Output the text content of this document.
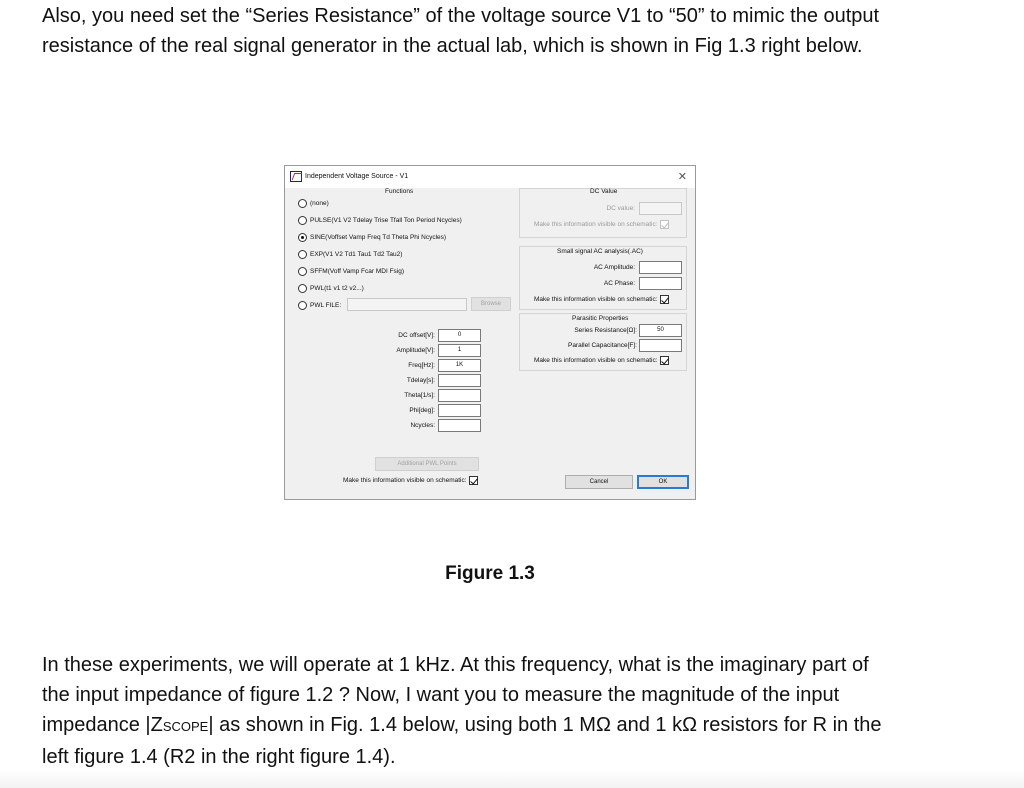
Also, you need set the “Series Resistance” of the voltage source V1 to “50” to mimic the output
resistance of the real signal generator in the actual lab, which is shown in Fig 1.3 right below.
Independent Voltage Source - V1	✕
Functions
(none)
PULSE(V1 V2 Tdelay Trise Tfall Ton Period Ncycles)
SINE(Voffset Vamp Freq Td Theta Phi Ncycles)
EXP(V1 V2 Td1 Tau1 Td2 Tau2)
SFFM(Voff Vamp Fcar MDI Fsig)
PWL(t1 v1 t2 v2...)
PWL FILE:	Browse
DC offset[V]:	0
Amplitude[V]:	1
Freq[Hz]:	1K
Tdelay[s]:
Theta[1/s]:
Phi[deg]:
Ncycles:
Additional PWL Points
Make this information visible on schematic:
DC Value
DC value:
Make this information visible on schematic:
Small signal AC analysis(.AC)
AC Amplitude:
AC Phase:
Make this information visible on schematic:
Parasitic Properties
Series Resistance[Ω]:	50
Parallel Capacitance[F]:
Make this information visible on schematic:
Cancel	OK
Figure 1.3
In these experiments, we will operate at 1 kHz. At this frequency, what is the imaginary part of
the input impedance of figure 1.2 ? Now, I want you to measure the magnitude of the input
impedance |ZSCOPE| as shown in Fig. 1.4 below, using both 1 MΩ and 1 kΩ resistors for R in the
left figure 1.4 (R2 in the right figure 1.4).
